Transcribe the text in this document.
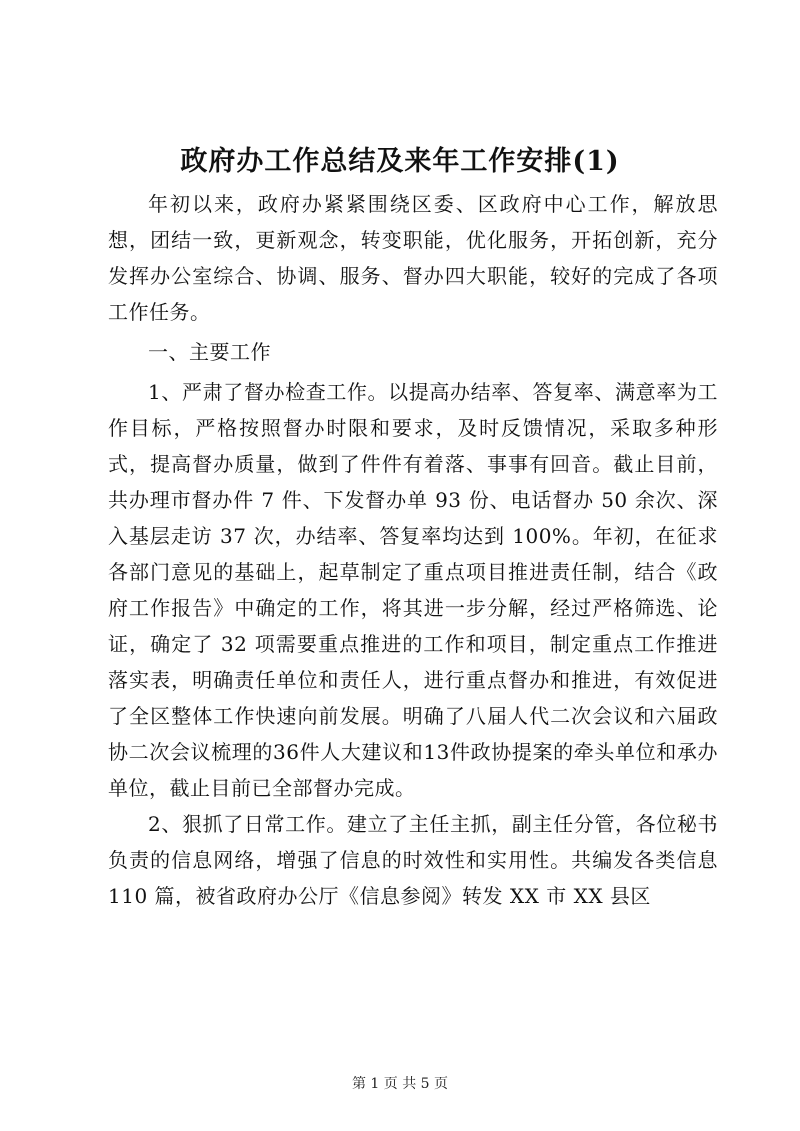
政府办工作总结及来年工作安排(1)

年初以来，政府办紧紧围绕区委、区政府中心工作，解放思想，团结一致，更新观念，转变职能，优化服务，开拓创新，充分发挥办公室综合、协调、服务、督办四大职能，较好的完成了各项工作任务。

一、主要工作

1、严肃了督办检查工作。以提高办结率、答复率、满意率为工作目标，严格按照督办时限和要求，及时反馈情况，采取多种形式，提高督办质量，做到了件件有着落、事事有回音。截止目前，共办理市督办件 7 件、下发督办单 93 份、电话督办 50 余次、深入基层走访 37 次，办结率、答复率均达到 100%。年初，在征求各部门意见的基础上，起草制定了重点项目推进责任制，结合《政府工作报告》中确定的工作，将其进一步分解，经过严格筛选、论证，确定了 32 项需要重点推进的工作和项目，制定重点工作推进落实表，明确责任单位和责任人，进行重点督办和推进，有效促进了全区整体工作快速向前发展。明确了八届人代二次会议和六届政协二次会议梳理的36件人大建议和13件政协提案的牵头单位和承办单位，截止目前已全部督办完成。

2、狠抓了日常工作。建立了主任主抓，副主任分管，各位秘书负责的信息网络，增强了信息的时效性和实用性。共编发各类信息 110 篇，被省政府办公厅《信息参阅》转发 XX 市 XX 县区

第 1 页 共 5 页
